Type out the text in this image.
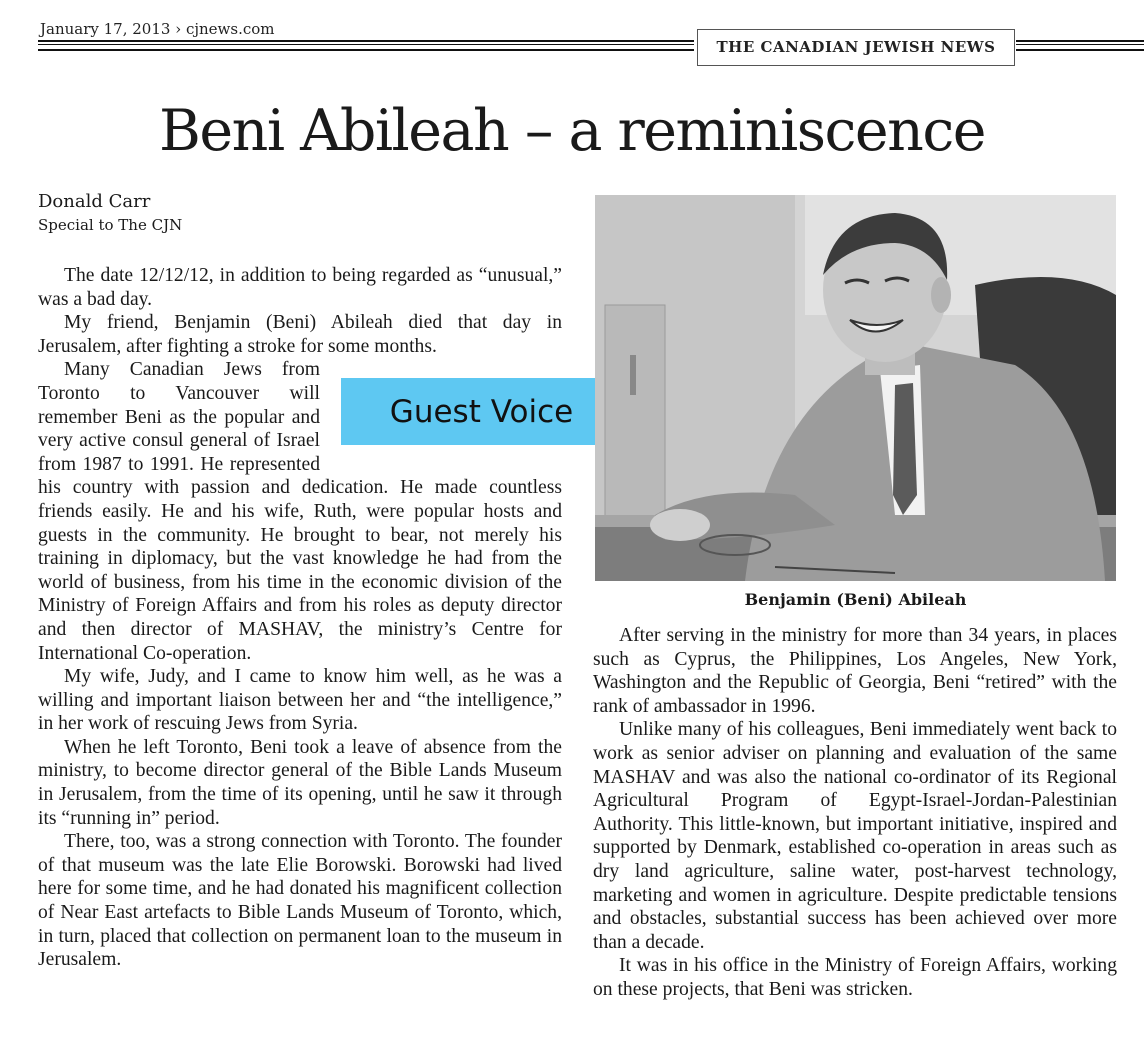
January 17, 2013 › cjnews.com
THE CANADIAN JEWISH NEWS
Beni Abileah – a reminiscence
Donald Carr
Special to The CJN

The date 12/12/12, in addition to being regarded as “unusual,” was a bad day.

My friend, Benjamin (Beni) Abileah died that day in Jerusalem, after fighting a stroke for some months.

Many Canadian Jews from Toronto to Vancouver will remember Beni as the popular and very active consul general of Israel from 1987 to 1991. He represented his country with passion and dedication. He made countless friends easily. He and his wife, Ruth, were popular hosts and guests in the community. He brought to bear, not merely his training in diplomacy, but the vast knowledge he had from the world of business, from his time in the economic division of the Ministry of Foreign Affairs and from his roles as deputy director and then director of MASHAV, the ministry’s Centre for International Co-operation.

My wife, Judy, and I came to know him well, as he was a willing and important liaison between her and “the intelligence,” in her work of rescuing Jews from Syria.

When he left Toronto, Beni took a leave of absence from the ministry, to become director general of the Bible Lands Museum in Jerusalem, from the time of its opening, until he saw it through its “running in” period.

There, too, was a strong connection with Toronto. The founder of that museum was the late Elie Borowski. Borowski had lived here for some time, and he had donated his magnificent collection of Near East artefacts to Bible Lands Museum of Toronto, which, in turn, placed that collection on permanent loan to the museum in Jerusalem.

Guest Voice
Benjamin (Beni) Abileah

After serving in the ministry for more than 34 years, in places such as Cyprus, the Philippines, Los Angeles, New York, Washington and the Republic of Georgia, Beni “retired” with the rank of ambassador in 1996.

Unlike many of his colleagues, Beni immediately went back to work as senior adviser on planning and evaluation of the same MASHAV and was also the national co-ordinator of its Regional Agricultural Program of Egypt-Israel-Jordan-Palestinian Authority. This little-known, but important initiative, inspired and supported by Denmark, established co-operation in areas such as dry land agriculture, saline water, post-harvest technology, marketing and women in agriculture. Despite predictable tensions and obstacles, substantial success has been achieved over more than a decade.

It was in his office in the Ministry of Foreign Affairs, working on these projects, that Beni was stricken.
